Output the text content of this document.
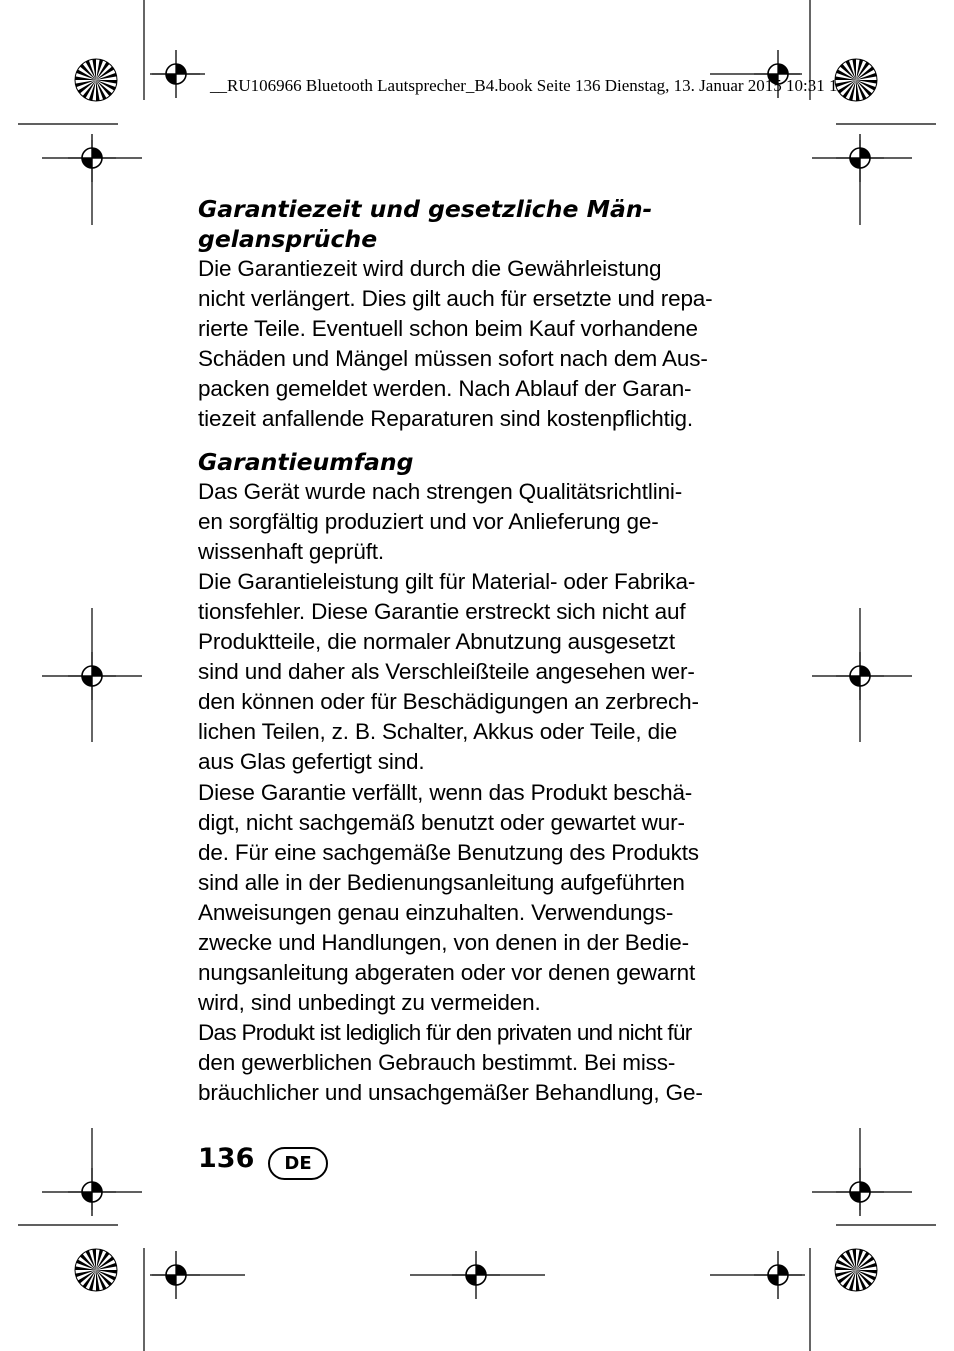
__RU106966 Bluetooth Lautsprecher_B4.book Seite 136 Dienstag, 13. Januar 2015 10:31 1
Garantiezeit und gesetzliche Män-
gelansprüche
Die Garantiezeit wird durch die Gewährleistung
nicht verlängert. Dies gilt auch für ersetzte und repa-
rierte Teile. Eventuell schon beim Kauf vorhandene
Schäden und Mängel müssen sofort nach dem Aus-
packen gemeldet werden. Nach Ablauf der Garan-
tiezeit anfallende Reparaturen sind kostenpflichtig.
Garantieumfang
Das Gerät wurde nach strengen Qualitätsrichtlini-
en sorgfältig produziert und vor Anlieferung ge-
wissenhaft geprüft.
Die Garantieleistung gilt für Material- oder Fabrika-
tionsfehler. Diese Garantie erstreckt sich nicht auf
Produktteile, die normaler Abnutzung ausgesetzt
sind und daher als Verschleißteile angesehen wer-
den können oder für Beschädigungen an zerbrech-
lichen Teilen, z. B. Schalter, Akkus oder Teile, die
aus Glas gefertigt sind.
Diese Garantie verfällt, wenn das Produkt beschä-
digt, nicht sachgemäß benutzt oder gewartet wur-
de. Für eine sachgemäße Benutzung des Produkts
sind alle in der Bedienungsanleitung aufgeführten
Anweisungen genau einzuhalten. Verwendungs-
zwecke und Handlungen, von denen in der Bedie-
nungsanleitung abgeraten oder vor denen gewarnt
wird, sind unbedingt zu vermeiden.
Das Produkt ist lediglich für den privaten und nicht für
den gewerblichen Gebrauch bestimmt. Bei miss-
bräuchlicher und unsachgemäßer Behandlung, Ge-
136	DE
